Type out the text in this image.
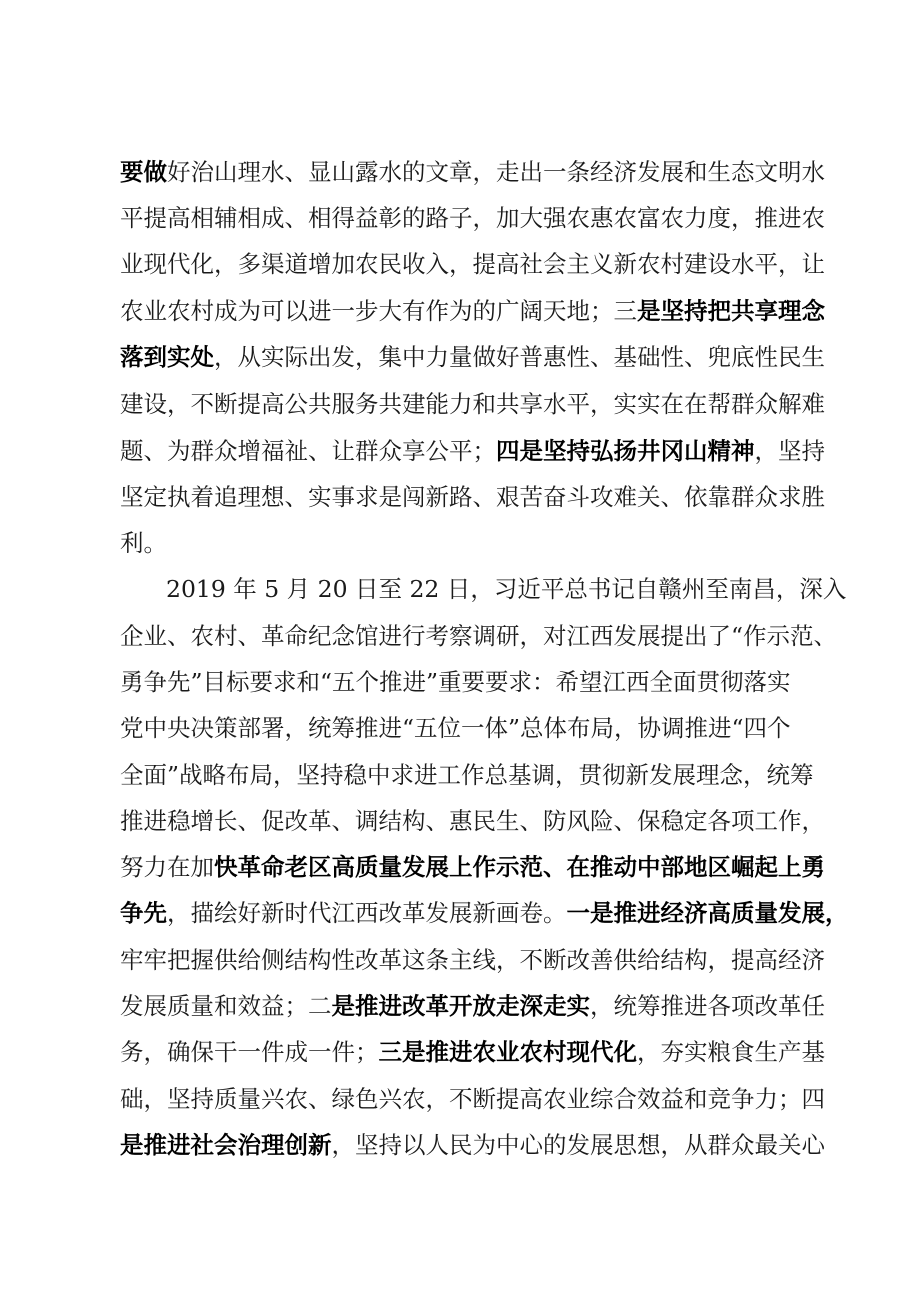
要做好治山理水、显山露水的文章，走出一条经济发展和生态文明水
平提高相辅相成、相得益彰的路子，加大强农惠农富农力度，推进农
业现代化，多渠道增加农民收入，提高社会主义新农村建设水平，让
农业农村成为可以进一步大有作为的广阔天地；三是坚持把共享理念
落到实处，从实际出发，集中力量做好普惠性、基础性、兜底性民生
建设，不断提高公共服务共建能力和共享水平，实实在在帮群众解难
题、为群众增福祉、让群众享公平；四是坚持弘扬井冈山精神，坚持
坚定执着追理想、实事求是闯新路、艰苦奋斗攻难关、依靠群众求胜
利。
2019 年 5 月 20 日至 22 日，习近平总书记自赣州至南昌，深入
企业、农村、革命纪念馆进行考察调研，对江西发展提出了“作示范、
勇争先”目标要求和“五个推进”重要要求：希望江西全面贯彻落实
党中央决策部署，统筹推进“五位一体”总体布局，协调推进“四个
全面”战略布局，坚持稳中求进工作总基调，贯彻新发展理念，统筹
推进稳增长、促改革、调结构、惠民生、防风险、保稳定各项工作，
努力在加快革命老区高质量发展上作示范、在推动中部地区崛起上勇
争先，描绘好新时代江西改革发展新画卷。一是推进经济高质量发展，
牢牢把握供给侧结构性改革这条主线，不断改善供给结构，提高经济
发展质量和效益；二是推进改革开放走深走实，统筹推进各项改革任
务，确保干一件成一件；三是推进农业农村现代化，夯实粮食生产基
础，坚持质量兴农、绿色兴农，不断提高农业综合效益和竞争力；四
是推进社会治理创新，坚持以人民为中心的发展思想，从群众最关心
